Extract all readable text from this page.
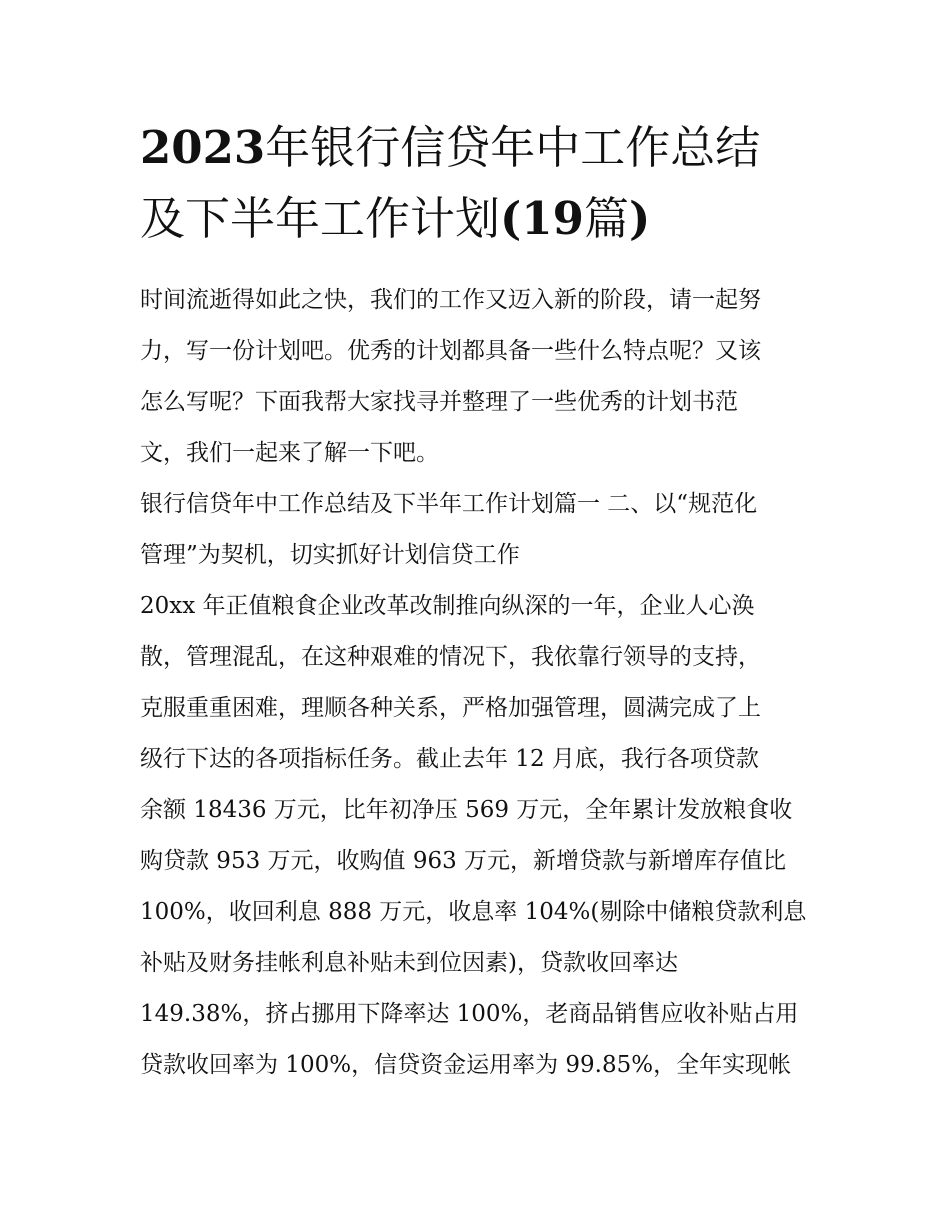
2023年银行信贷年中工作总结
及下半年工作计划(19篇)
时间流逝得如此之快，我们的工作又迈入新的阶段，请一起努
力，写一份计划吧。优秀的计划都具备一些什么特点呢？又该
怎么写呢？下面我帮大家找寻并整理了一些优秀的计划书范
文，我们一起来了解一下吧。
银行信贷年中工作总结及下半年工作计划篇一 二、以“规范化
管理”为契机，切实抓好计划信贷工作
20xx 年正值粮食企业改革改制推向纵深的一年，企业人心涣
散，管理混乱，在这种艰难的情况下，我依靠行领导的支持，
克服重重困难，理顺各种关系，严格加强管理，圆满完成了上
级行下达的各项指标任务。截止去年 12 月底，我行各项贷款
余额 18436 万元，比年初净压 569 万元，全年累计发放粮食收
购贷款 953 万元，收购值 963 万元，新增贷款与新增库存值比
100%，收回利息 888 万元，收息率 104%(剔除中储粮贷款利息
补贴及财务挂帐利息补贴未到位因素)，贷款收回率达
149.38%，挤占挪用下降率达 100%，老商品销售应收补贴占用
贷款收回率为 100%，信贷资金运用率为 99.85%，全年实现帐
